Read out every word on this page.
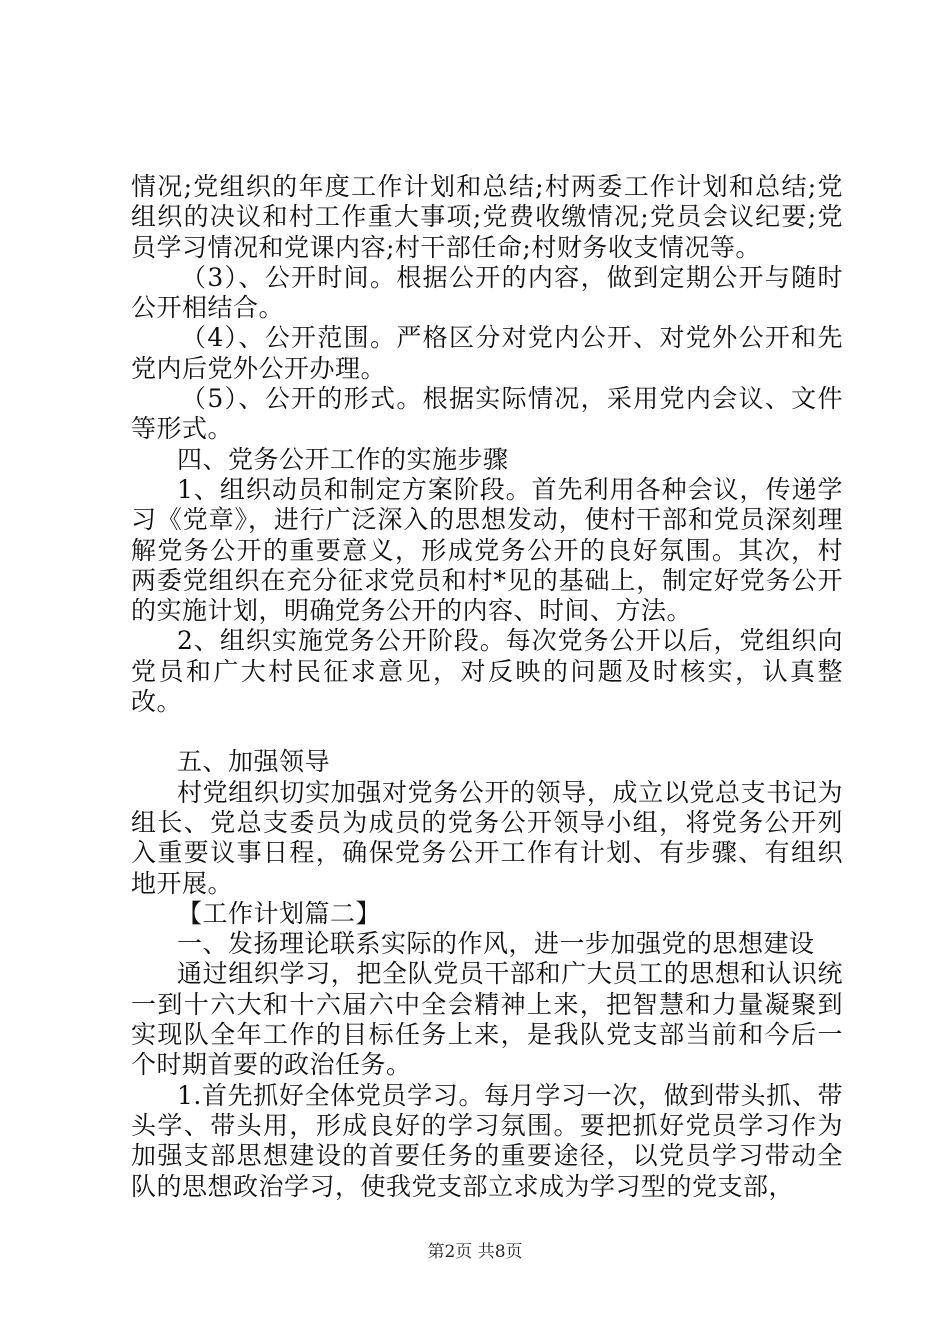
情况;党组织的年度工作计划和总结;村两委工作计划和总结;党组织的决议和村工作重大事项;党费收缴情况;党员会议纪要;党员学习情况和党课内容;村干部任命;村财务收支情况等。

（3）、公开时间。根据公开的内容，做到定期公开与随时公开相结合。

（4）、公开范围。严格区分对党内公开、对党外公开和先党内后党外公开办理。

（5）、公开的形式。根据实际情况，采用党内会议、文件等形式。

四、党务公开工作的实施步骤

1、组织动员和制定方案阶段。首先利用各种会议，传递学习《党章》，进行广泛深入的思想发动，使村干部和党员深刻理解党务公开的重要意义，形成党务公开的良好氛围。其次，村两委党组织在充分征求党员和村*见的基础上，制定好党务公开的实施计划，明确党务公开的内容、时间、方法。

2、组织实施党务公开阶段。每次党务公开以后，党组织向党员和广大村民征求意见，对反映的问题及时核实，认真整改。

五、加强领导

村党组织切实加强对党务公开的领导，成立以党总支书记为组长、党总支委员为成员的党务公开领导小组，将党务公开列入重要议事日程，确保党务公开工作有计划、有步骤、有组织地开展。

【工作计划篇二】

一、发扬理论联系实际的作风，进一步加强党的思想建设

通过组织学习，把全队党员干部和广大员工的思想和认识统一到十六大和十六届六中全会精神上来，把智慧和力量凝聚到实现队全年工作的目标任务上来，是我队党支部当前和今后一个时期首要的政治任务。

1.首先抓好全体党员学习。每月学习一次，做到带头抓、带头学、带头用，形成良好的学习氛围。要把抓好党员学习作为加强支部思想建设的首要任务的重要途径，以党员学习带动全队的思想政治学习，使我党支部立求成为学习型的党支部，

第2页 共8页
